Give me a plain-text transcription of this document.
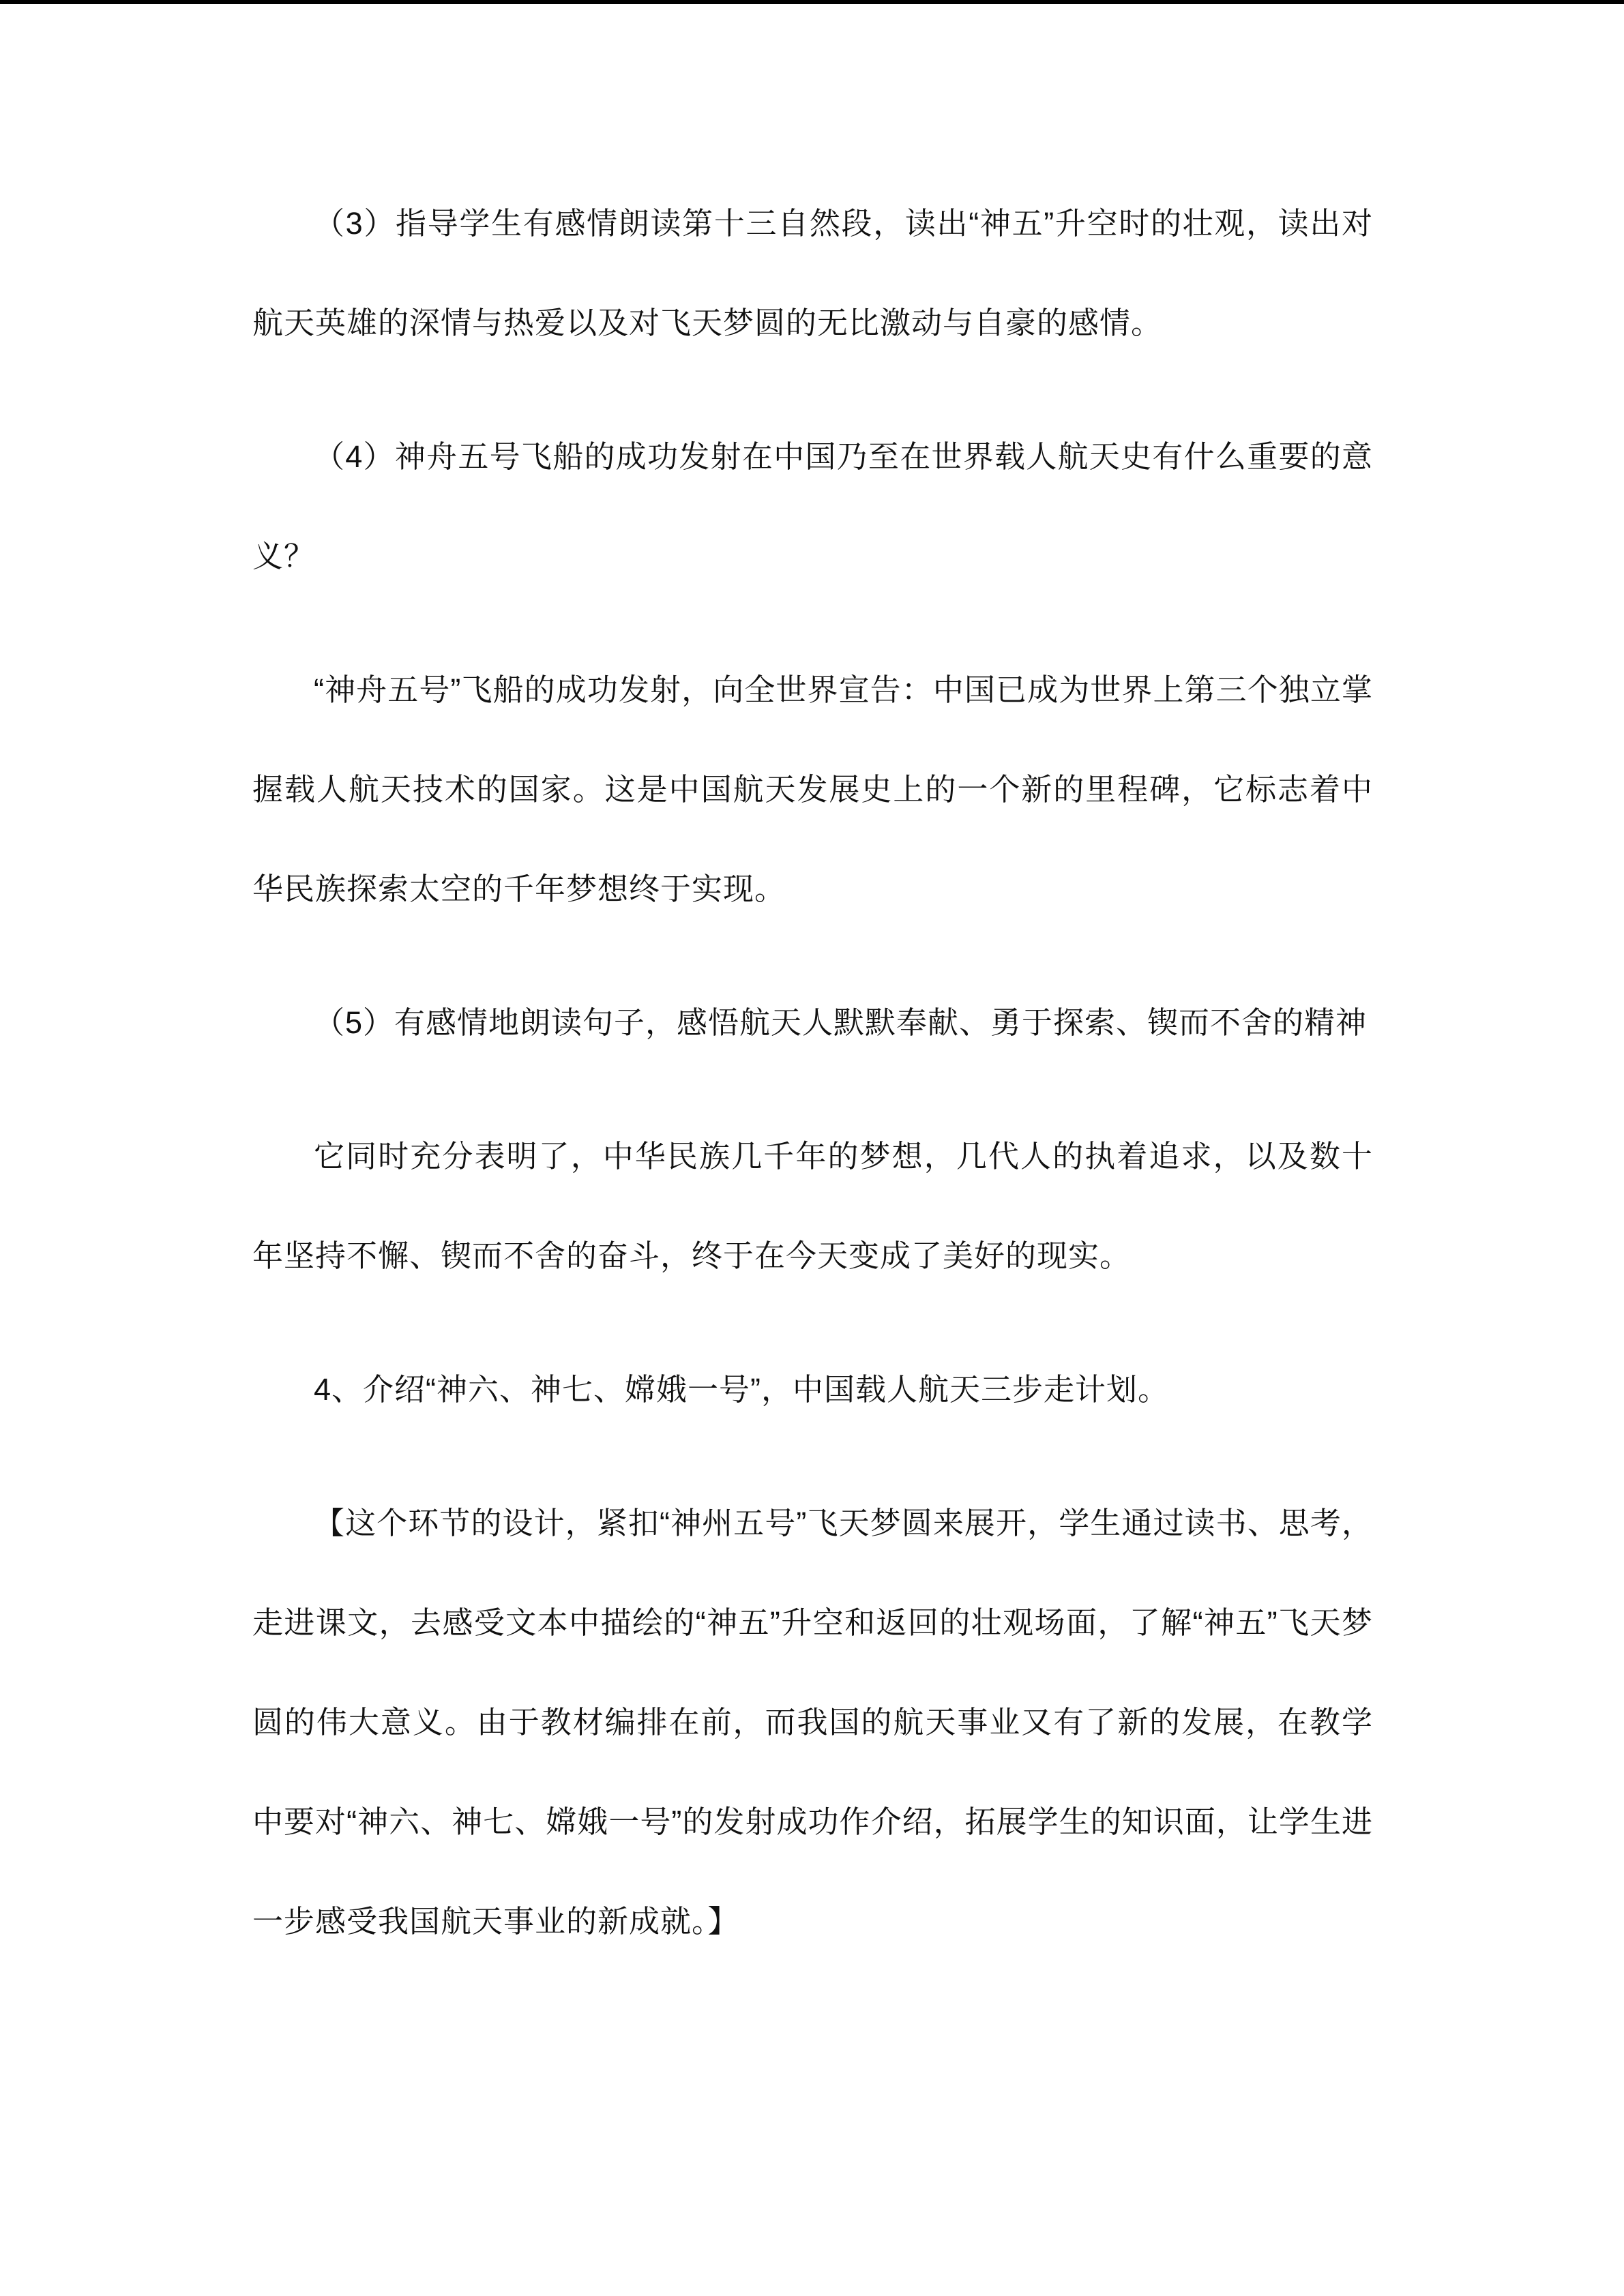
（3）指导学生有感情朗读第十三自然段，读出“神五”升空时的壮观，读出对航天英雄的深情与热爱以及对飞天梦圆的无比激动与自豪的感情。

（4）神舟五号飞船的成功发射在中国乃至在世界载人航天史有什么重要的意义？

“神舟五号”飞船的成功发射，向全世界宣告：中国已成为世界上第三个独立掌握载人航天技术的国家。这是中国航天发展史上的一个新的里程碑，它标志着中华民族探索太空的千年梦想终于实现。

（5）有感情地朗读句子，感悟航天人默默奉献、勇于探索、锲而不舍的精神

它同时充分表明了，中华民族几千年的梦想，几代人的执着追求，以及数十年坚持不懈、锲而不舍的奋斗，终于在今天变成了美好的现实。

4、介绍“神六、神七、嫦娥一号”，中国载人航天三步走计划。

【这个环节的设计，紧扣“神州五号”飞天梦圆来展开，学生通过读书、思考，走进课文，去感受文本中描绘的“神五”升空和返回的壮观场面，了解“神五”飞天梦圆的伟大意义。由于教材编排在前，而我国的航天事业又有了新的发展，在教学中要对“神六、神七、嫦娥一号”的发射成功作介绍，拓展学生的知识面，让学生进一步感受我国航天事业的新成就。】
